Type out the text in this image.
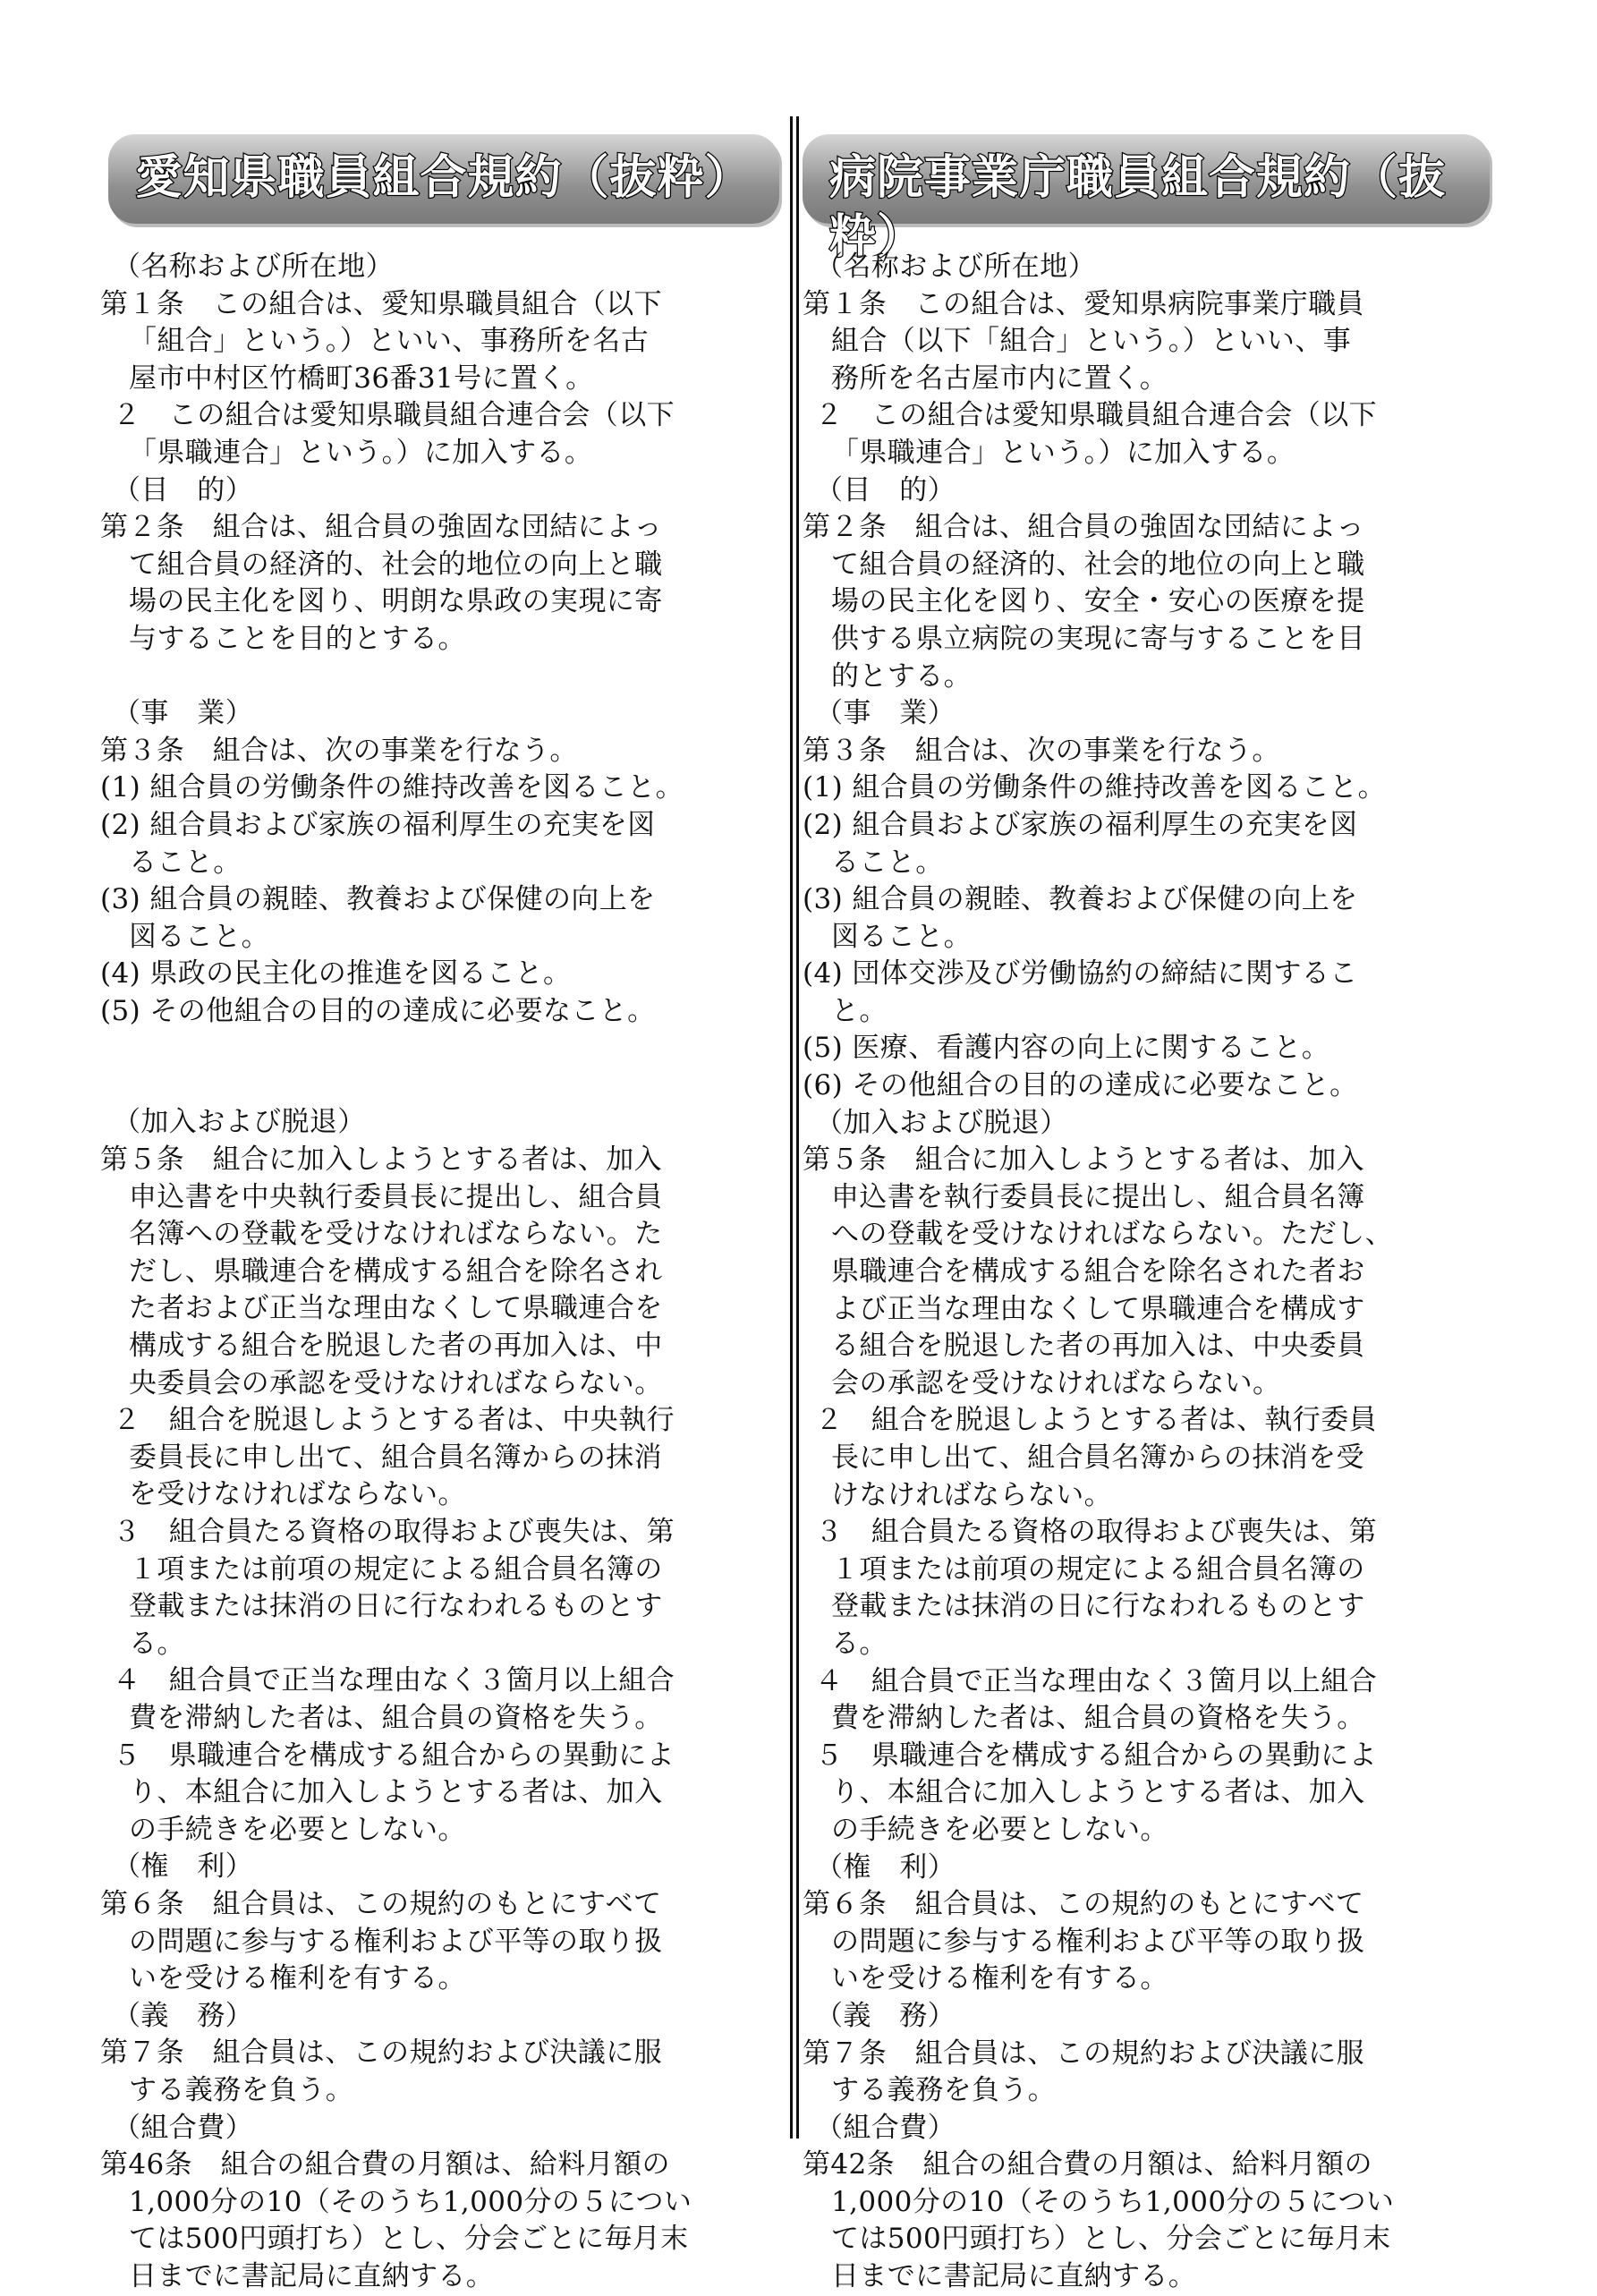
愛知県職員組合規約（抜粋）
（名称および所在地）
第１条　この組合は、愛知県職員組合（以下
「組合」という。）といい、事務所を名古
屋市中村区竹橋町36番31号に置く。
２　この組合は愛知県職員組合連合会（以下
「県職連合」という。）に加入する。
（目　的）
第２条　組合は、組合員の強固な団結によっ
て組合員の経済的、社会的地位の向上と職
場の民主化を図り、明朗な県政の実現に寄
与することを目的とする。
（事　業）
第３条　組合は、次の事業を行なう。
(1) 組合員の労働条件の維持改善を図ること。
(2) 組合員および家族の福利厚生の充実を図
ること。
(3) 組合員の親睦、教養および保健の向上を
図ること。
(4) 県政の民主化の推進を図ること。
(5) その他組合の目的の達成に必要なこと。
（加入および脱退）
第５条　組合に加入しようとする者は、加入
申込書を中央執行委員長に提出し、組合員
名簿への登載を受けなければならない。た
だし、県職連合を構成する組合を除名され
た者および正当な理由なくして県職連合を
構成する組合を脱退した者の再加入は、中
央委員会の承認を受けなければならない。
２　組合を脱退しようとする者は、中央執行
委員長に申し出て、組合員名簿からの抹消
を受けなければならない。
３　組合員たる資格の取得および喪失は、第
１項または前項の規定による組合員名簿の
登載または抹消の日に行なわれるものとす
る。
４　組合員で正当な理由なく３箇月以上組合
費を滞納した者は、組合員の資格を失う。
５　県職連合を構成する組合からの異動によ
り、本組合に加入しようとする者は、加入
の手続きを必要としない。
（権　利）
第６条　組合員は、この規約のもとにすべて
の問題に参与する権利および平等の取り扱
いを受ける権利を有する。
（義　務）
第７条　組合員は、この規約および決議に服
する義務を負う。
（組合費）
第46条　組合の組合費の月額は、給料月額の
1,000分の10（そのうち1,000分の５につい
ては500円頭打ち）とし、分会ごとに毎月末
日までに書記局に直納する。
病院事業庁職員組合規約（抜粋）
（名称および所在地）
第１条　この組合は、愛知県病院事業庁職員
組合（以下「組合」という。）といい、事
務所を名古屋市内に置く。
２　この組合は愛知県職員組合連合会（以下
「県職連合」という。）に加入する。
（目　的）
第２条　組合は、組合員の強固な団結によっ
て組合員の経済的、社会的地位の向上と職
場の民主化を図り、安全・安心の医療を提
供する県立病院の実現に寄与することを目
的とする。
（事　業）
第３条　組合は、次の事業を行なう。
(1) 組合員の労働条件の維持改善を図ること。
(2) 組合員および家族の福利厚生の充実を図
ること。
(3) 組合員の親睦、教養および保健の向上を
図ること。
(4) 団体交渉及び労働協約の締結に関するこ
と。
(5) 医療、看護内容の向上に関すること。
(6) その他組合の目的の達成に必要なこと。
（加入および脱退）
第５条　組合に加入しようとする者は、加入
申込書を執行委員長に提出し、組合員名簿
への登載を受けなければならない。ただし、
県職連合を構成する組合を除名された者お
よび正当な理由なくして県職連合を構成す
る組合を脱退した者の再加入は、中央委員
会の承認を受けなければならない。
２　組合を脱退しようとする者は、執行委員
長に申し出て、組合員名簿からの抹消を受
けなければならない。
３　組合員たる資格の取得および喪失は、第
１項または前項の規定による組合員名簿の
登載または抹消の日に行なわれるものとす
る。
４　組合員で正当な理由なく３箇月以上組合
費を滞納した者は、組合員の資格を失う。
５　県職連合を構成する組合からの異動によ
り、本組合に加入しようとする者は、加入
の手続きを必要としない。
（権　利）
第６条　組合員は、この規約のもとにすべて
の問題に参与する権利および平等の取り扱
いを受ける権利を有する。
（義　務）
第７条　組合員は、この規約および決議に服
する義務を負う。
（組合費）
第42条　組合の組合費の月額は、給料月額の
1,000分の10（そのうち1,000分の５につい
ては500円頭打ち）とし、分会ごとに毎月末
日までに書記局に直納する。
